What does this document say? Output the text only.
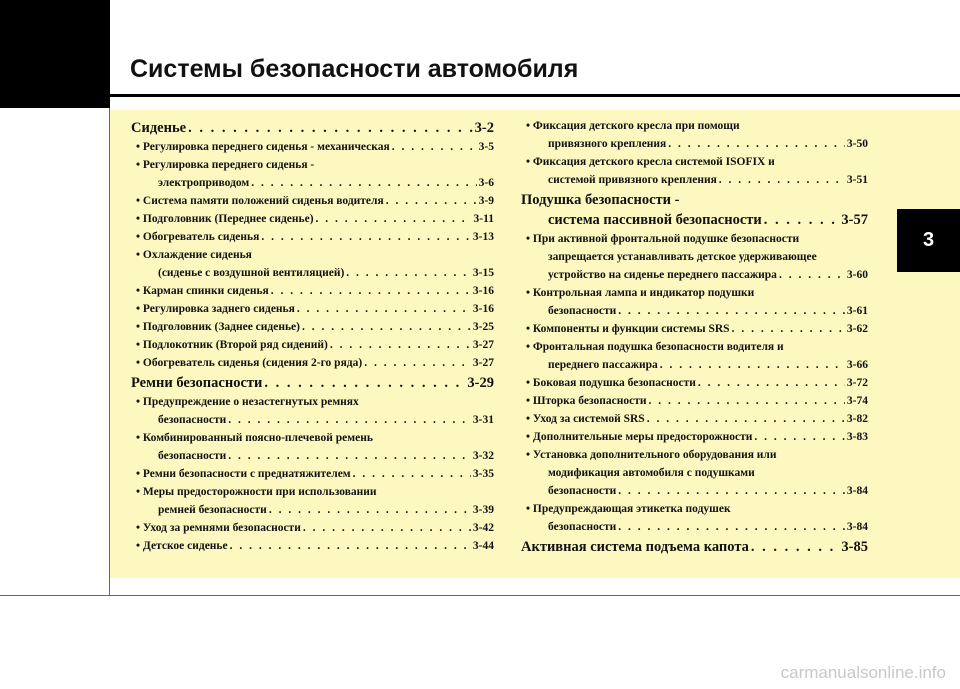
Системы безопасности автомобиля
3
Сиденье . . .	3-2
• Регулировка переднего сиденья - механическая . . .	3-5
• Регулировка переднего сиденья -
электроприводом . . .	3-6
• Система памяти положений сиденья водителя . . .	3-9
• Подголовник (Переднее сиденье) . . .	3-11
• Обогреватель сиденья . . .	3-13
• Охлаждение сиденья
(сиденье с воздушной вентиляцией) . . .	3-15
• Карман спинки сиденья . . .	3-16
• Регулировка заднего сиденья . . .	3-16
• Подголовник (Заднее сиденье) . . .	3-25
• Подлокотник (Второй ряд сидений) . . .	3-27
• Обогреватель сиденья (сидения 2-го ряда) . . .	3-27
Ремни безопасности . . .	3-29
• Предупреждение о незастегнутых ремнях
безопасности . . .	3-31
• Комбинированный поясно-плечевой ремень
безопасности . . .	3-32
• Ремни безопасности с преднатяжителем . . .	3-35
• Меры предосторожности при использовании
ремней безопасности . . .	3-39
• Уход за ремнями безопасности . . .	3-42
• Детское сиденье . . .	3-44
• Фиксация детского кресла при помощи
привязного крепления . . .	3-50
• Фиксация детского кресла системой ISOFIX и
системой привязного крепления . . .	3-51
Подушка безопасности -
система пассивной безопасности . . .	3-57
• При активной фронтальной подушке безопасности
запрещается устанавливать детское удерживающее
устройство на сиденье переднего пассажира . . .	3-60
• Контрольная лампа и индикатор подушки
безопасности . . .	3-61
• Компоненты и функции системы SRS . . .	3-62
• Фронтальная подушка безопасности водителя и
переднего пассажира . . .	3-66
• Боковая подушка безопасности . . .	3-72
• Шторка безопасности . . .	3-74
• Уход за системой SRS . . .	3-82
• Дополнительные меры предосторожности . . .	3-83
• Установка дополнительного оборудования или
модификация автомобиля с подушками
безопасности . . .	3-84
• Предупреждающая этикетка подушек
безопасности . . .	3-84
Активная система подъема капота . . .	3-85
carmanualsonline.info
